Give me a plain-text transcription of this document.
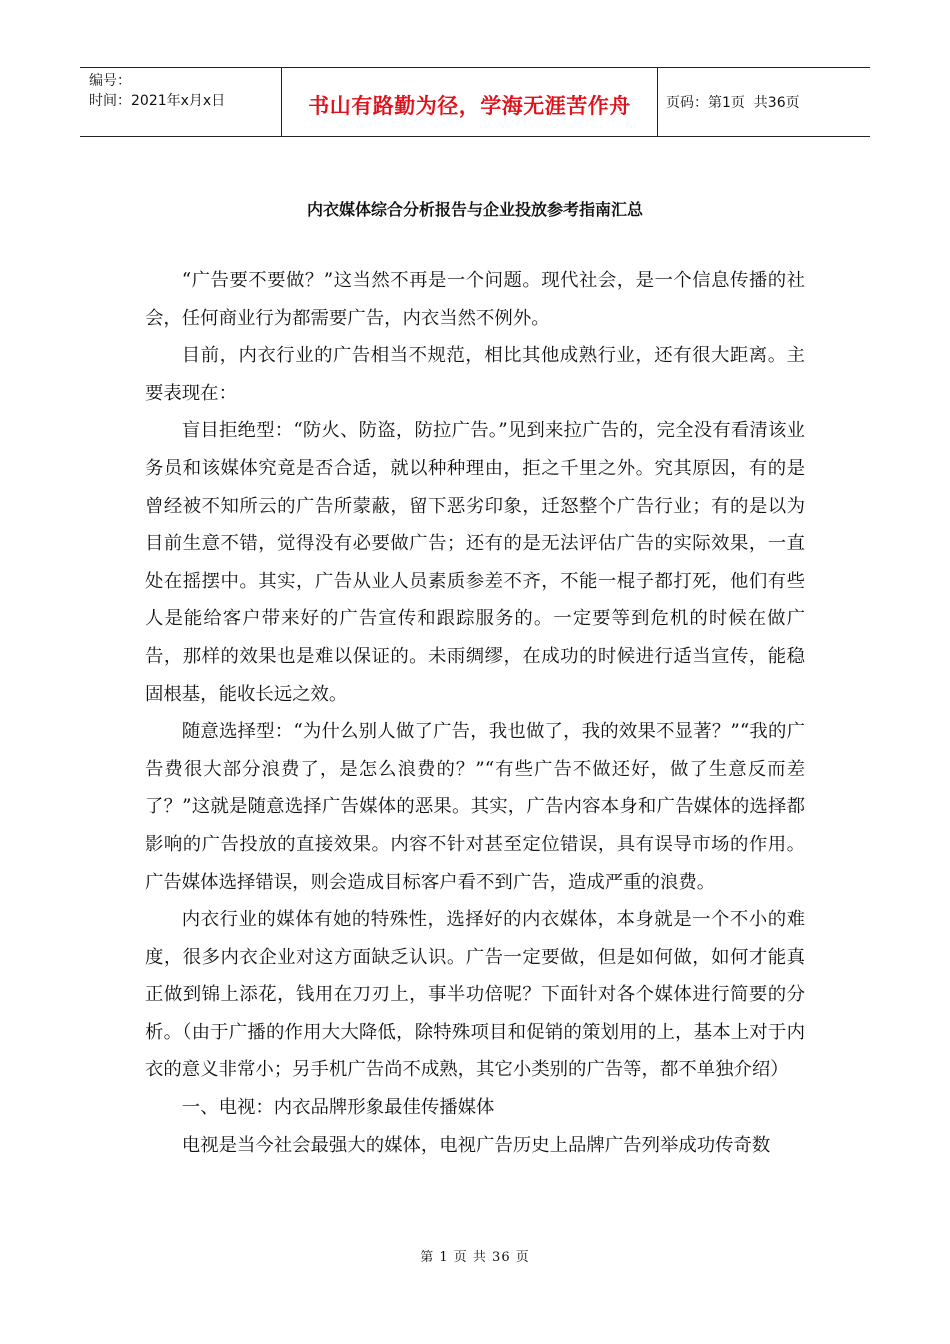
编号：
时间：2021年x月x日	书山有路勤为径，学海无涯苦作舟	页码：第1页  共36页
内衣媒体综合分析报告与企业投放参考指南汇总

“广告要不要做？”这当然不再是一个问题。现代社会，是一个信息传播的社会，任何商业行为都需要广告，内衣当然不例外。

目前，内衣行业的广告相当不规范，相比其他成熟行业，还有很大距离。主要表现在：

盲目拒绝型：“防火、防盗，防拉广告。”见到来拉广告的，完全没有看清该业务员和该媒体究竟是否合适，就以种种理由，拒之千里之外。究其原因，有的是曾经被不知所云的广告所蒙蔽，留下恶劣印象，迁怒整个广告行业；有的是以为目前生意不错，觉得没有必要做广告；还有的是无法评估广告的实际效果，一直处在摇摆中。其实，广告从业人员素质参差不齐，不能一棍子都打死，他们有些人是能给客户带来好的广告宣传和跟踪服务的。一定要等到危机的时候在做广告，那样的效果也是难以保证的。未雨绸缪，在成功的时候进行适当宣传，能稳固根基，能收长远之效。

随意选择型：“为什么别人做了广告，我也做了，我的效果不显著？”“我的广告费很大部分浪费了，是怎么浪费的？”“有些广告不做还好，做了生意反而差了？”这就是随意选择广告媒体的恶果。其实，广告内容本身和广告媒体的选择都影响的广告投放的直接效果。内容不针对甚至定位错误，具有误导市场的作用。广告媒体选择错误，则会造成目标客户看不到广告，造成严重的浪费。

内衣行业的媒体有她的特殊性，选择好的内衣媒体，本身就是一个不小的难度，很多内衣企业对这方面缺乏认识。广告一定要做，但是如何做，如何才能真正做到锦上添花，钱用在刀刃上，事半功倍呢？下面针对各个媒体进行简要的分析。（由于广播的作用大大降低，除特殊项目和促销的策划用的上，基本上对于内衣的意义非常小；另手机广告尚不成熟，其它小类别的广告等，都不单独介绍）

一、电视：内衣品牌形象最佳传播媒体

电视是当今社会最强大的媒体，电视广告历史上品牌广告列举成功传奇数

第 1 页 共 36 页
